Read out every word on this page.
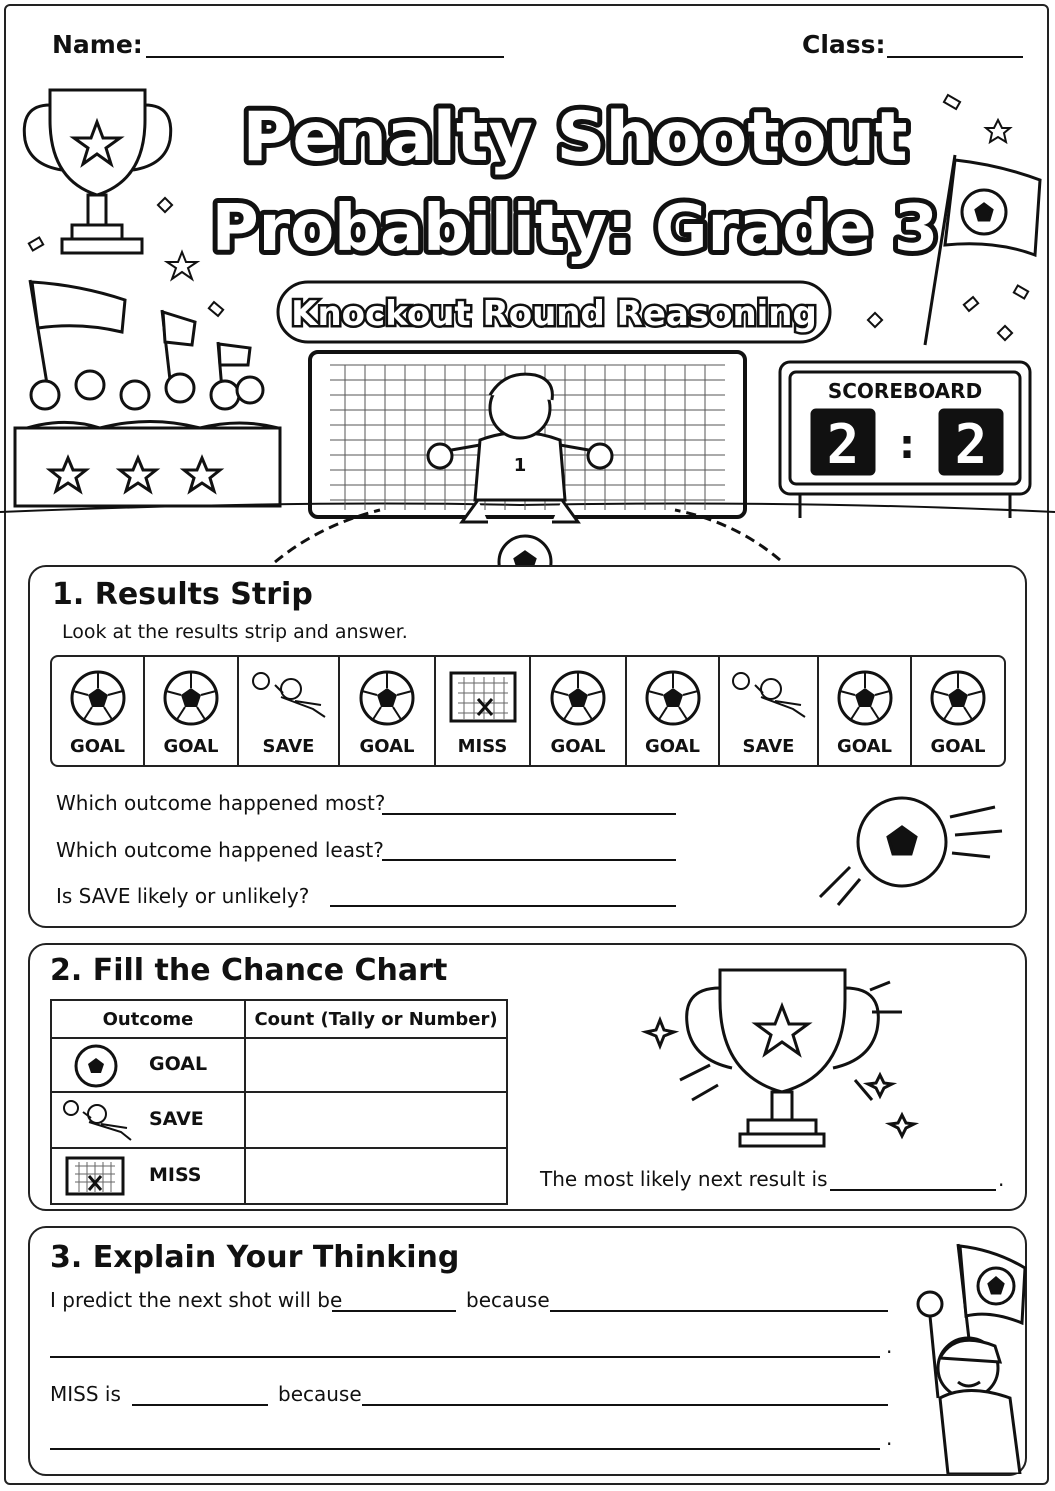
Name:	Class:
Penalty Shootout
Probability: Grade 3
Knockout Round Reasoning
1
SCOREBOARD
2 : 2
1. Results Strip
Look at the results strip and answer.
GOAL	GOAL	SAVE	GOAL	MISS	GOAL	GOAL	SAVE	GOAL	GOAL
Which outcome happened most?
Which outcome happened least?
Is SAVE likely or unlikely?
2. Fill the Chance Chart
Outcome	Count (Tally or Number)

GOAL	

SAVE	

MISS	
		The most likely next result is	.
3. Explain Your Thinking
I predict the next shot will be	because
.
MISS is	because
.
